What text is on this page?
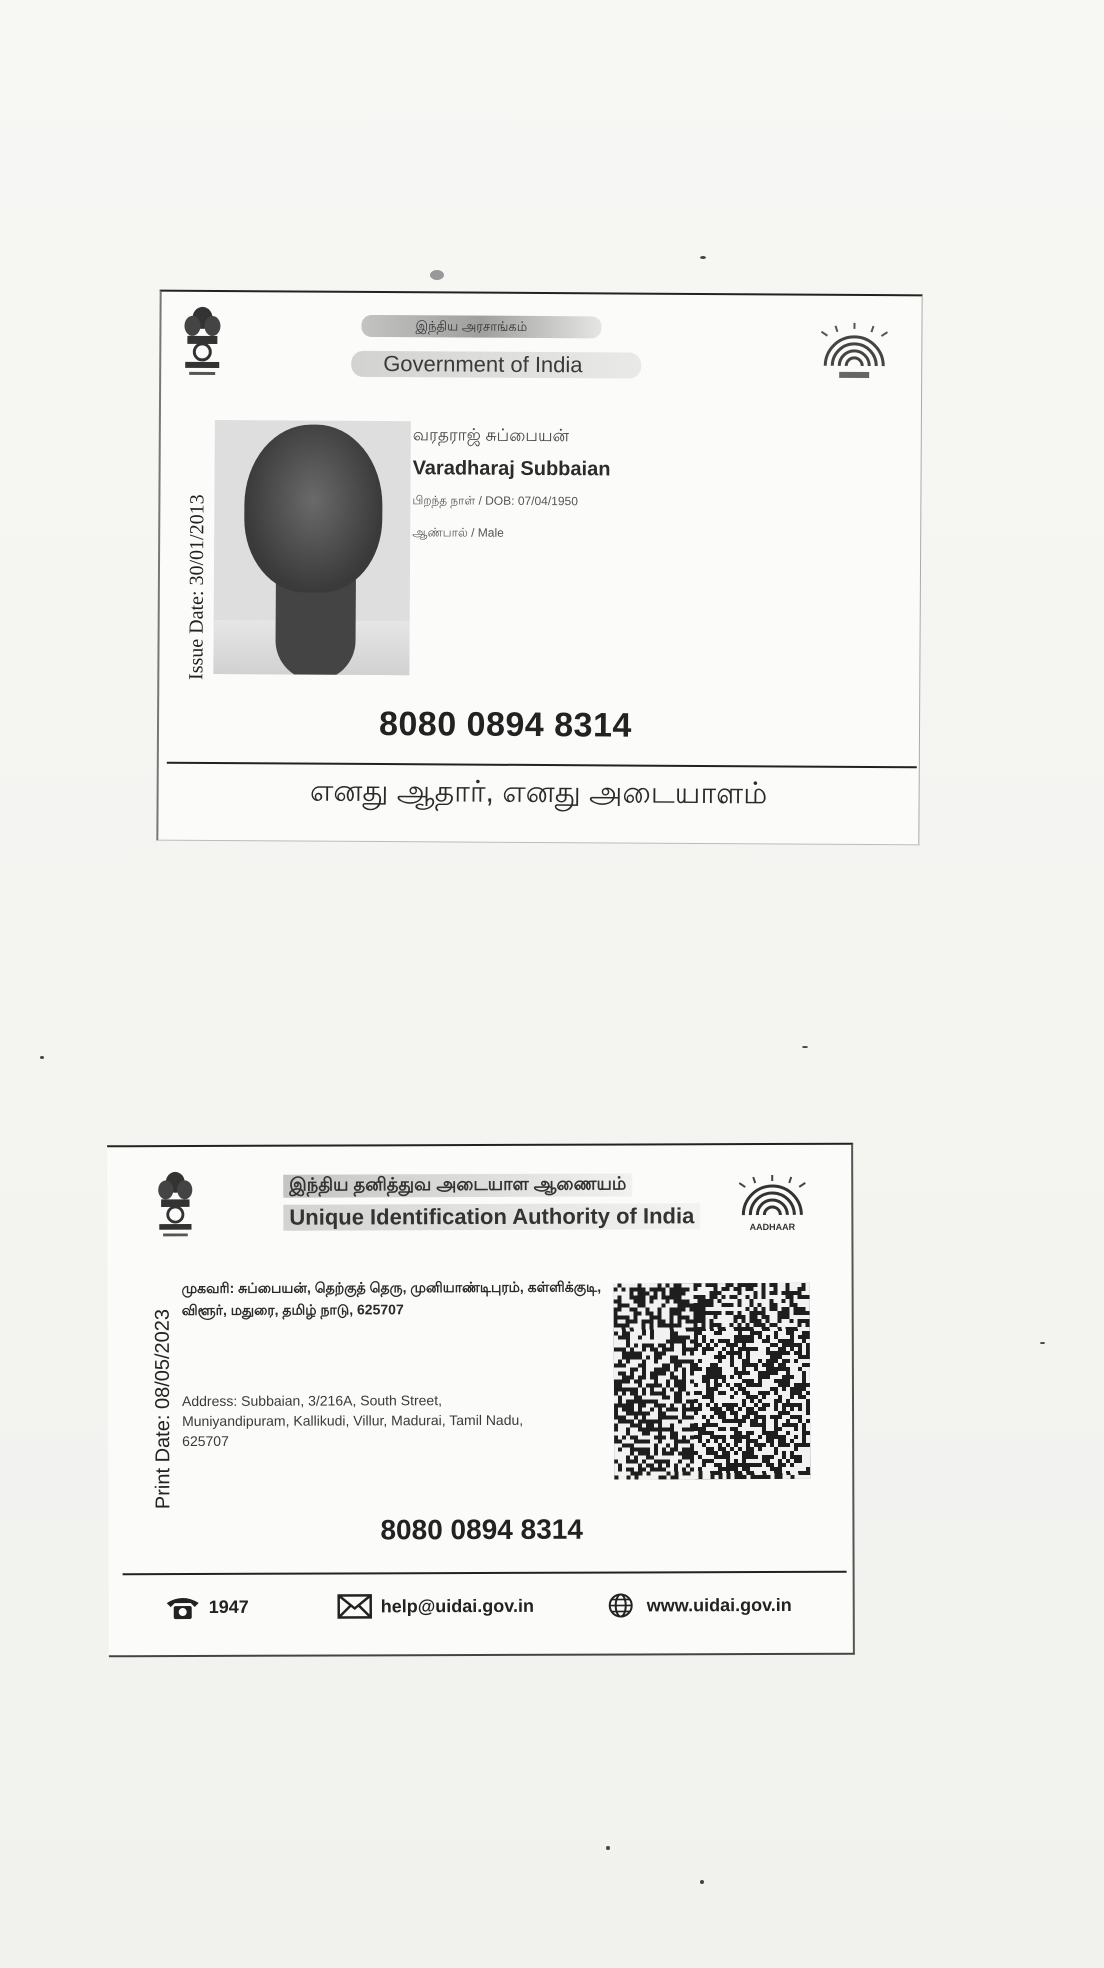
இந்திய அரசாங்கம்
Government of India
Issue Date: 30/01/2013
வரதராஜ் சுப்பையன்
Varadharaj Subbaian
பிறந்த நாள் / DOB: 07/04/1950
ஆண்பால் / Male
8080 0894 8314
எனது ஆதார், எனது அடையாளம்
இந்திய தனித்துவ அடையாள ஆணையம்
Unique Identification Authority of India	AADHAAR
Print Date: 08/05/2023
முகவரி: சுப்பையன், தெற்குத் தெரு, முனியாண்டிபுரம், கள்ளிக்குடி, விளூர், மதுரை, தமிழ் நாடு, 625707
Address: Subbaian, 3/216A, South Street, Muniyandipuram, Kallikudi, Villur, Madurai, Tamil Nadu, 625707
8080 0894 8314
1947	help@uidai.gov.in	www.uidai.gov.in
